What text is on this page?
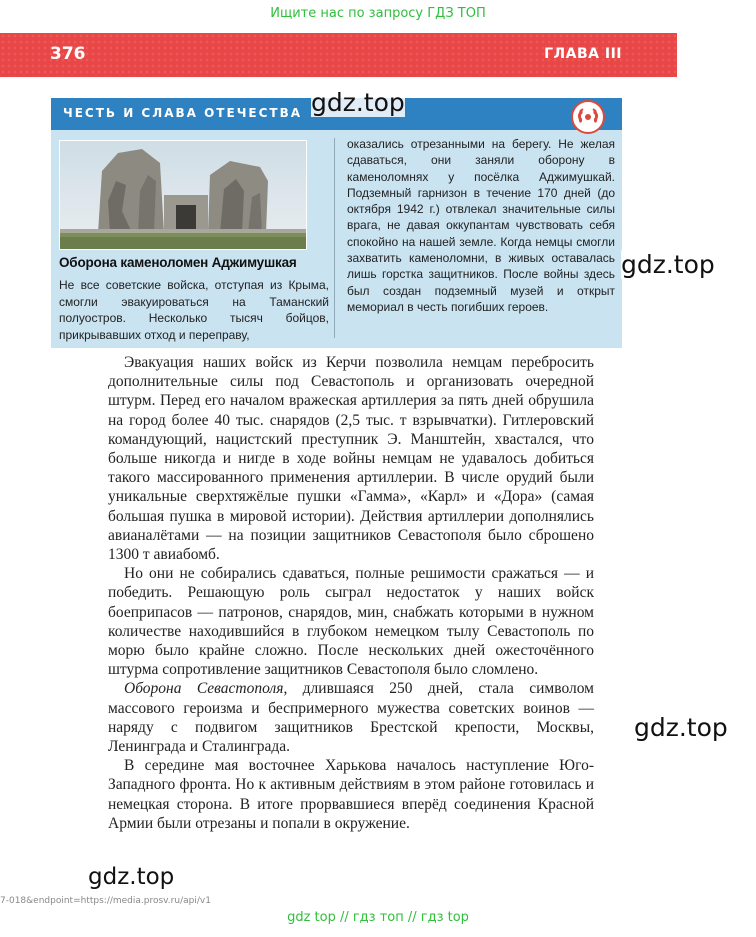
Ищите нас по запросу ГДЗ ТОП
376	ГЛАВА III
ЧЕСТЬ И СЛАВА ОТЕЧЕСТВА
Оборона каменоломен Аджимушкая
Не все советские войска, отступая из Крыма, смогли эвакуироваться на Таманский полуостров. Несколько тысяч бойцов, прикрывавших отход и переправу,
оказались отрезанными на берегу. Не желая сдаваться, они заняли оборону в каменоломнях у посёлка Аджимушкай. Подземный гарнизон в течение 170 дней (до октября 1942 г.) отвлекал значительные силы врага, не давая оккупантам чувствовать себя спокойно на нашей земле. Когда немцы смогли захватить каменоломни, в живых оставалась лишь горстка защитников. После войны здесь был создан подземный музей и открыт мемориал в честь погибших героев.

Эвакуация наших войск из Керчи позволила немцам перебросить дополнительные силы под Севастополь и организовать очередной штурм. Перед его началом вражеская артиллерия за пять дней обрушила на город более 40 тыс. снарядов (2,5 тыс. т взрывчатки). Гитлеровский командующий, нацистский преступник Э. Манштейн, хвастался, что больше никогда и нигде в ходе войны немцам не удавалось добиться такого массированного применения артиллерии. В числе орудий были уникальные сверхтяжёлые пушки «Гамма», «Карл» и «Дора» (самая большая пушка в мировой истории). Действия артиллерии дополнялись авианалётами — на позиции защитников Севастополя было сброшено 1300 т авиабомб.

Но они не собирались сдаваться, полные решимости сражаться — и победить. Решающую роль сыграл недостаток у наших войск боеприпасов — патронов, снарядов, мин, снабжать которыми в нужном количестве находившийся в глубоком немецком тылу Севастополь по морю было крайне сложно. После нескольких дней ожесточённого штурма сопротивление защитников Севастополя было сломлено.

Оборона Севастополя, длившаяся 250 дней, стала символом массового героизма и беспримерного мужества советских воинов — наряду с подвигом защитников Брестской крепости, Москвы, Ленинграда и Сталинграда.

В середине мая восточнее Харькова началось наступление Юго-Западного фронта. Но к активным действиям в этом районе готовилась и немецкая сторона. В итоге прорвавшиеся вперёд соединения Красной Армии были отрезаны и попали в окружение.

gdz.top
gdz.top
gdz.top
gdz.top
7-018&endpoint=https://media.prosv.ru/api/v1
gdz top // гдз топ // гдз top
